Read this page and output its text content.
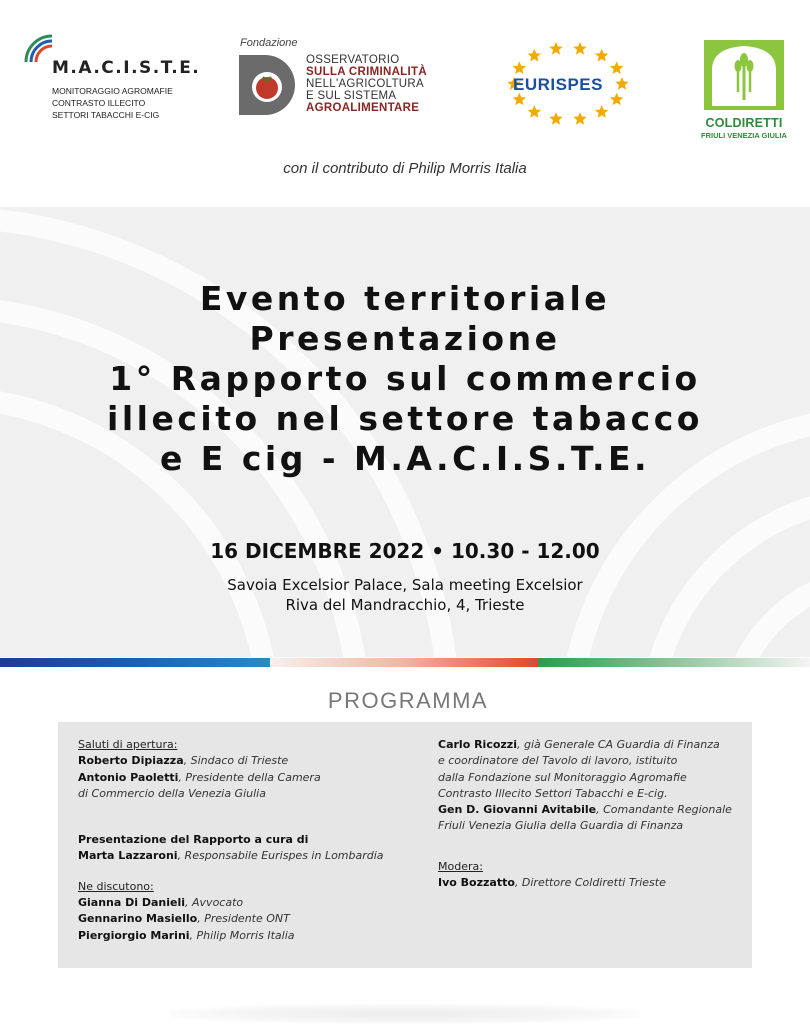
M.A.C.I.S.T.E.
MONITORAGGIO AGROMAFIE
CONTRASTO ILLECITO
SETTORI TABACCHI E-CIG
Fondazione
OSSERVATORIO
SULLA CRIMINALITÀ
NELL'AGRICOLTURA
E SUL SISTEMA
AGROALIMENTARE
EURISPES
COLDIRETTI
FRIULI VENEZIA GIULIA
con il contributo di Philip Morris Italia
Evento territoriale
Presentazione
1° Rapporto sul commercio
illecito nel settore tabacco
e E cig - M.A.C.I.S.T.E.
16 DICEMBRE 2022 • 10.30 - 12.00
Savoia Excelsior Palace, Sala meeting Excelsior
Riva del Mandracchio, 4, Trieste
PROGRAMMA
Saluti di apertura:
Roberto Dipiazza, Sindaco di Trieste
Antonio Paoletti, Presidente della Camera
di Commercio della Venezia Giulia
Presentazione del Rapporto a cura di
Marta Lazzaroni, Responsabile Eurispes in Lombardia
Ne discutono:
Gianna Di Danieli, Avvocato
Gennarino Masiello, Presidente ONT
Piergiorgio Marini, Philip Morris Italia
Carlo Ricozzi, già Generale CA Guardia di Finanza
e coordinatore del Tavolo di lavoro, istituito
dalla Fondazione sul Monitoraggio Agromafie
Contrasto Illecito Settori Tabacchi e E-cig.
Gen D. Giovanni Avitabile, Comandante Regionale
Friuli Venezia Giulia della Guardia di Finanza
Modera:
Ivo Bozzatto, Direttore Coldiretti Trieste
